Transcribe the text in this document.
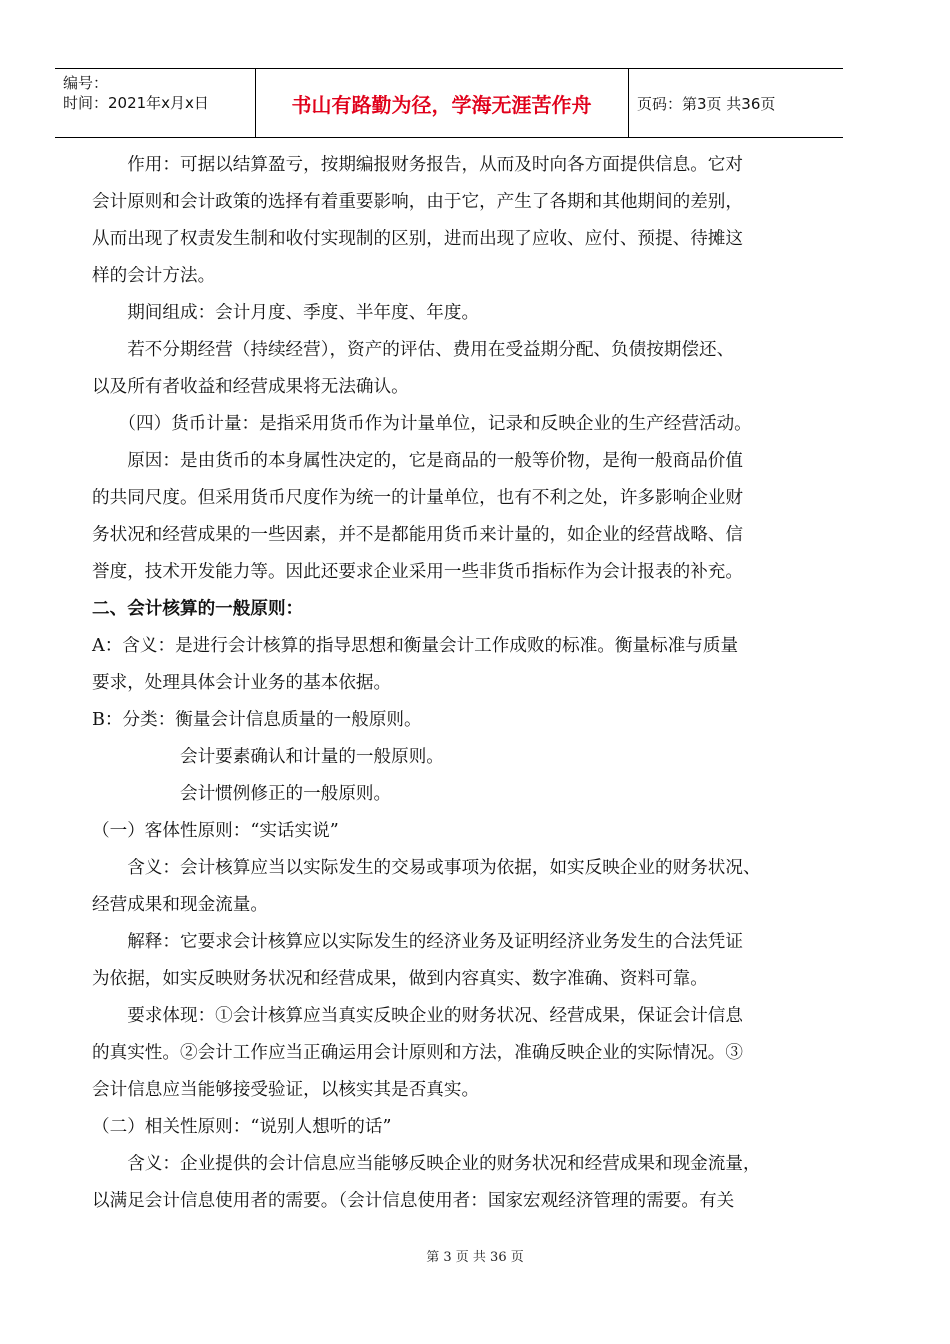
编号：
时间：2021年x月x日	书山有路勤为径，学海无涯苦作舟	页码：第3页 共36页
　　作用：可据以结算盈亏，按期编报财务报告，从而及时向各方面提供信息。它对
会计原则和会计政策的选择有着重要影响，由于它，产生了各期和其他期间的差别，
从而出现了权责发生制和收付实现制的区别，进而出现了应收、应付、预提、待摊这
样的会计方法。
　　期间组成：会计月度、季度、半年度、年度。
　　若不分期经营（持续经营），资产的评估、费用在受益期分配、负债按期偿还、
以及所有者收益和经营成果将无法确认。
　　（四）货币计量：是指采用货币作为计量单位，记录和反映企业的生产经营活动。
　　原因：是由货币的本身属性决定的，它是商品的一般等价物，是徇一般商品价值
的共同尺度。但采用货币尺度作为统一的计量单位，也有不利之处，许多影响企业财
务状况和经营成果的一些因素，并不是都能用货币来计量的，如企业的经营战略、信
誉度，技术开发能力等。因此还要求企业采用一些非货币指标作为会计报表的补充。
二、会计核算的一般原则：
A：含义：是进行会计核算的指导思想和衡量会计工作成败的标准。衡量标准与质量
要求，处理具体会计业务的基本依据。
B：分类：衡量会计信息质量的一般原则。
　　　　　会计要素确认和计量的一般原则。
　　　　　会计惯例修正的一般原则。
（一）客体性原则：“实话实说”
　　含义：会计核算应当以实际发生的交易或事项为依据，如实反映企业的财务状况、
经营成果和现金流量。
　　解释：它要求会计核算应以实际发生的经济业务及证明经济业务发生的合法凭证
为依据，如实反映财务状况和经营成果，做到内容真实、数字准确、资料可靠。
　　要求体现：①会计核算应当真实反映企业的财务状况、经营成果，保证会计信息
的真实性。②会计工作应当正确运用会计原则和方法，准确反映企业的实际情况。③
会计信息应当能够接受验证，以核实其是否真实。
（二）相关性原则：“说别人想听的话”
　　含义：企业提供的会计信息应当能够反映企业的财务状况和经营成果和现金流量，
以满足会计信息使用者的需要。（会计信息使用者：国家宏观经济管理的需要。有关
第 3 页 共 36 页
